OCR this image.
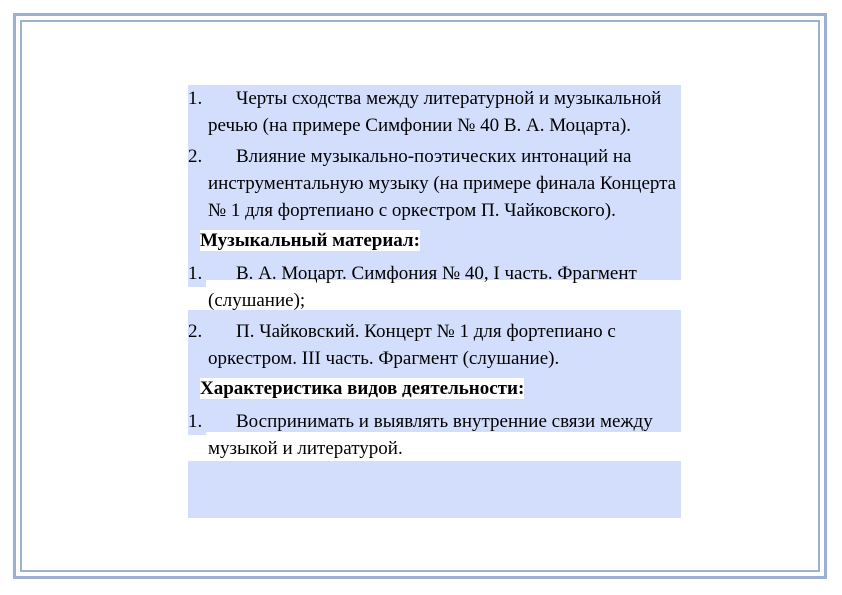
1. Черты сходства между литературной и музыкальной речью (на примере Симфонии № 40 В. А. Моцарта).
2. Влияние музыкально-поэтических интонаций на инструментальную музыку (на примере финала Концерта № 1 для фортепиано с оркестром П. Чайковского).
Музыкальный материал:
1. В. А. Моцарт. Симфония № 40, I часть. Фрагмент (слушание);
2. П. Чайковский. Концерт № 1 для фортепиано с оркестром. III часть. Фрагмент (слушание).
Характеристика видов деятельности:
1. Воспринимать и выявлять внутренние связи между музыкой и литературой.
